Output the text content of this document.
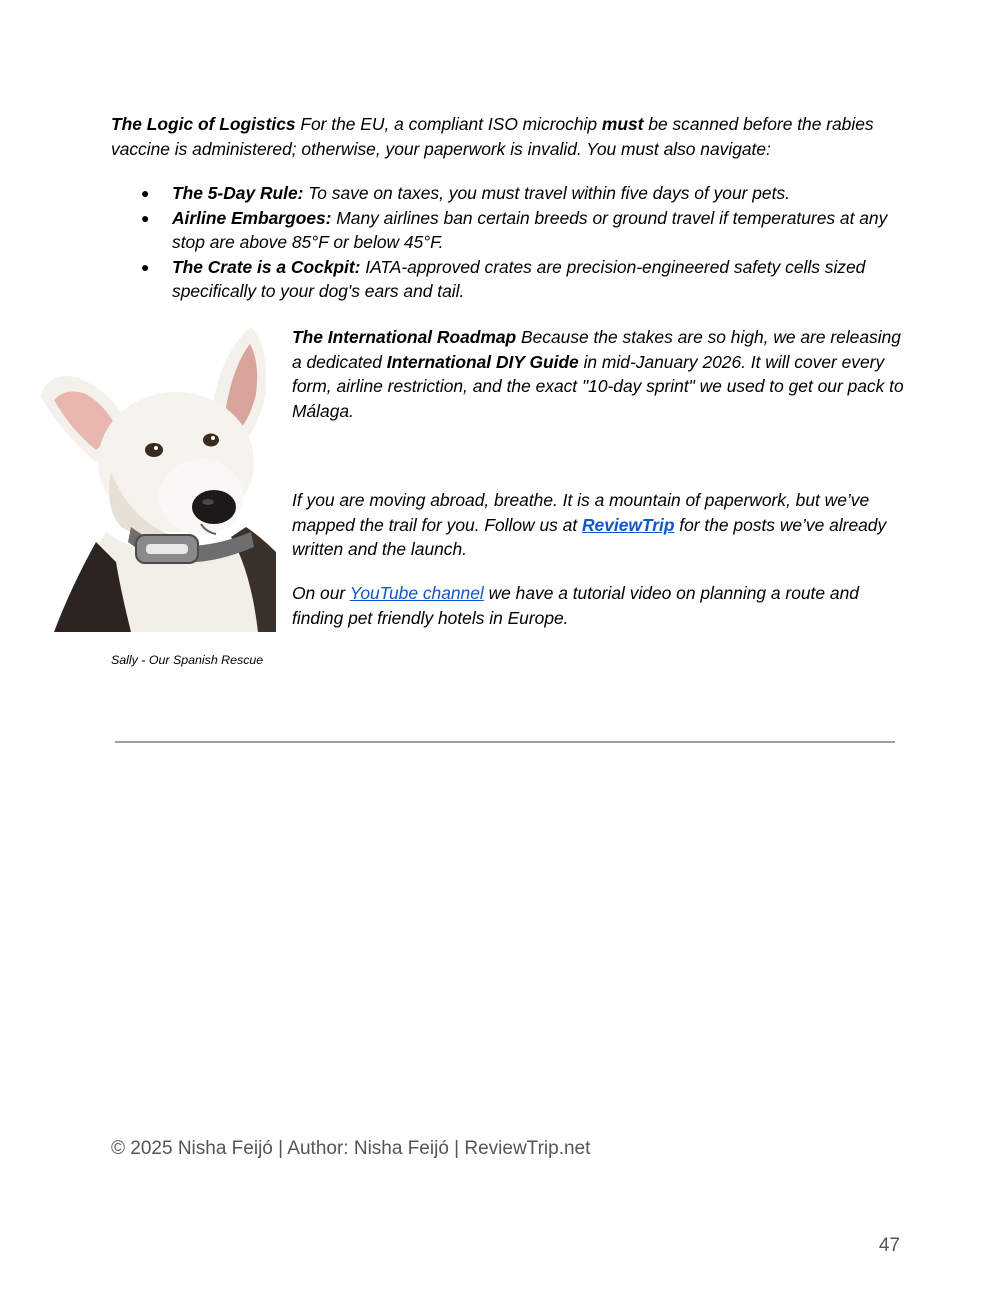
The Logic of Logistics For the EU, a compliant ISO microchip must be scanned before the rabies vaccine is administered; otherwise, your paperwork is invalid. You must also navigate:

● The 5-Day Rule: To save on taxes, you must travel within five days of your pets.
● Airline Embargoes: Many airlines ban certain breeds or ground travel if temperatures at any stop are above 85°F or below 45°F.
● The Crate is a Cockpit: IATA-approved crates are precision-engineered safety cells sized specifically to your dog's ears and tail.

Sally - Our Spanish Rescue

The International Roadmap Because the stakes are so high, we are releasing a dedicated International DIY Guide in mid-January 2026. It will cover every form, airline restriction, and the exact "10-day sprint" we used to get our pack to Málaga.

If you are moving abroad, breathe. It is a mountain of paperwork, but we’ve mapped the trail for you. Follow us at ReviewTrip for the posts we’ve already written and the launch.

On our YouTube channel we have a tutorial video on planning a route and finding pet friendly hotels in Europe.

© 2025 Nisha Feijó | Author: Nisha Feijó | ReviewTrip.net

47
